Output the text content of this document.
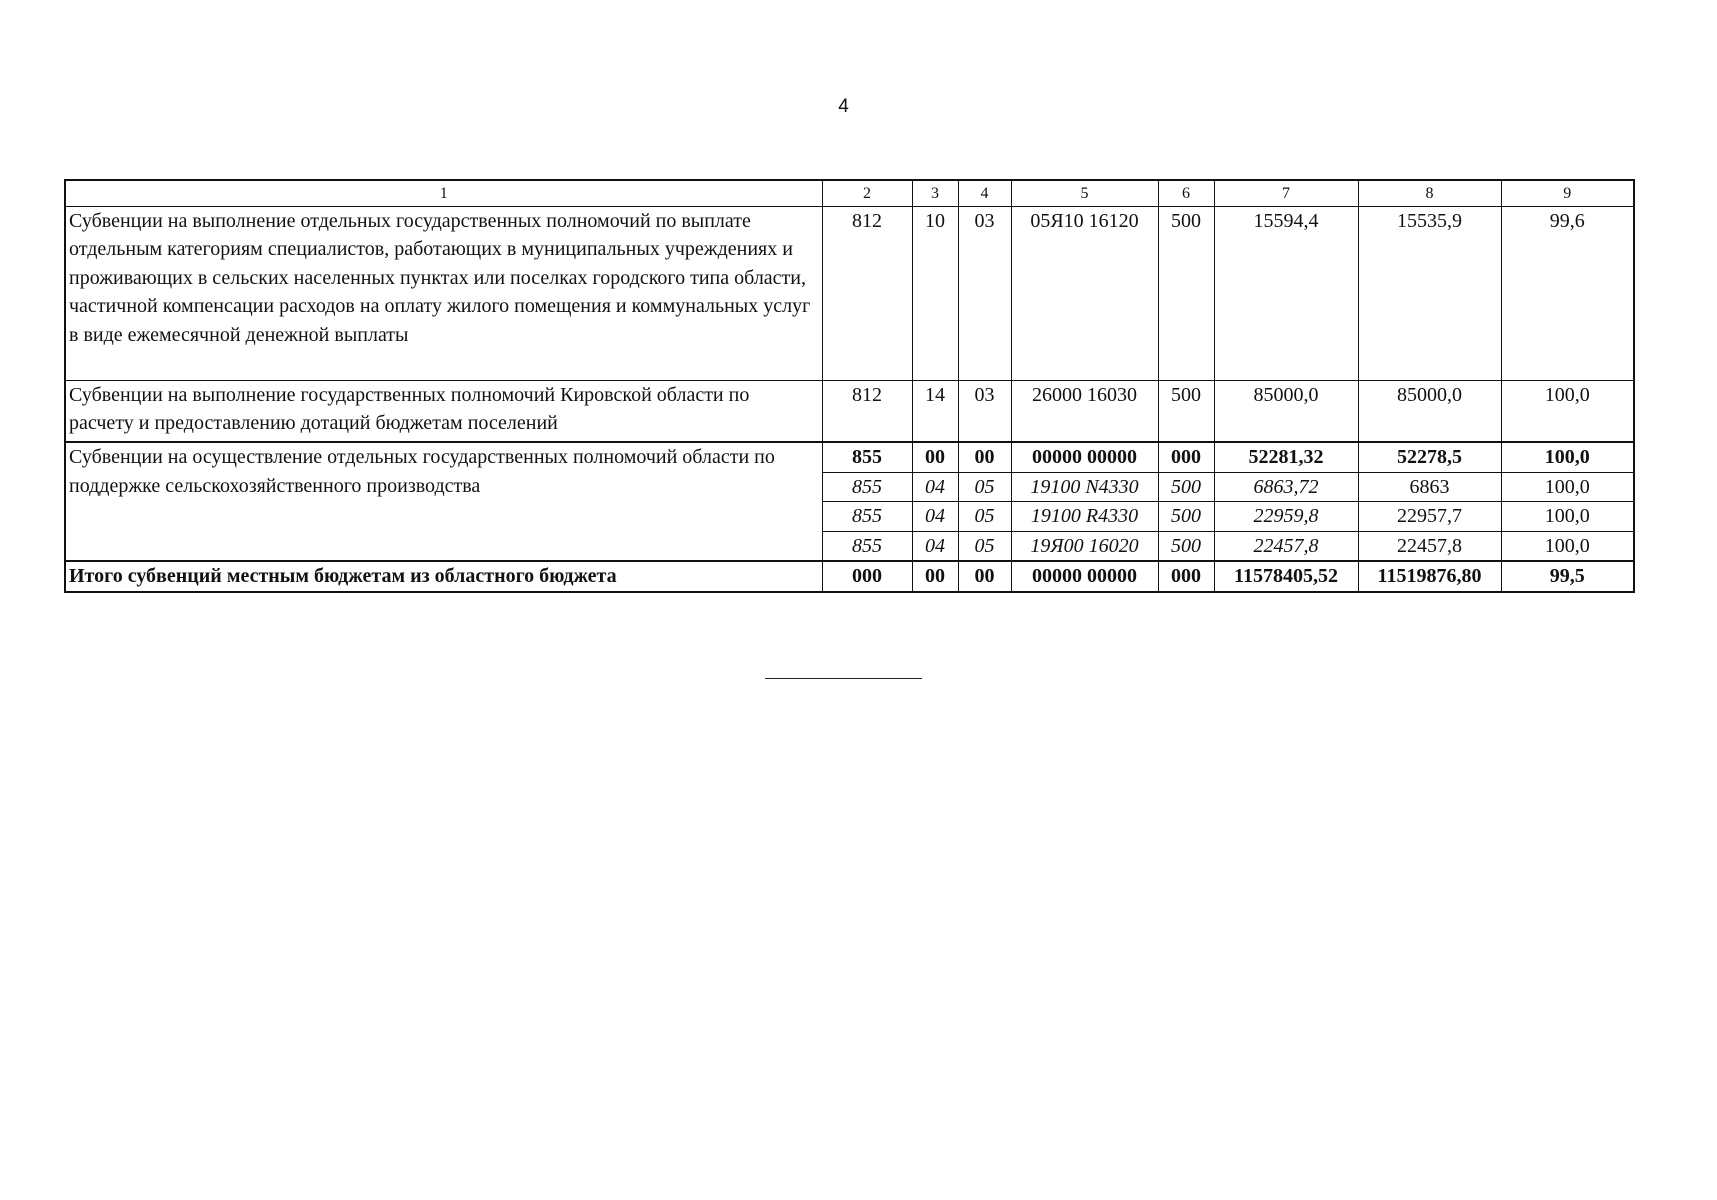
4
1	2	3	4	5	6	7	8	9
Субвенции на выполнение отдельных государственных полномочий по выплате отдельным категориям специалистов, работающих в муниципальных учреждениях и проживающих в сельских населенных пунктах или поселках городского типа области, частичной компенсации расходов на оплату жилого помещения и коммунальных услуг в виде ежемесячной денежной выплаты	812	10	03	05Я10 16120	500	15594,4	15535,9	99,6
Субвенции на выполнение государственных полномочий Кировской области по расчету и предоставлению дотаций бюджетам поселений	812	14	03	26000 16030	500	85000,0	85000,0	100,0
Субвенции на осуществление отдельных государственных полномочий области по поддержке сельскохозяйственного производства	855	00	00	00000 00000	000	52281,32	52278,5	100,0
	855	04	05	19100 N4330	500	6863,72	6863	100,0
	855	04	05	19100 R4330	500	22959,8	22957,7	100,0
	855	04	05	19Я00 16020	500	22457,8	22457,8	100,0
Итого субвенций местным бюджетам из областного бюджета	000	00	00	00000 00000	000	11578405,52	11519876,80	99,5
